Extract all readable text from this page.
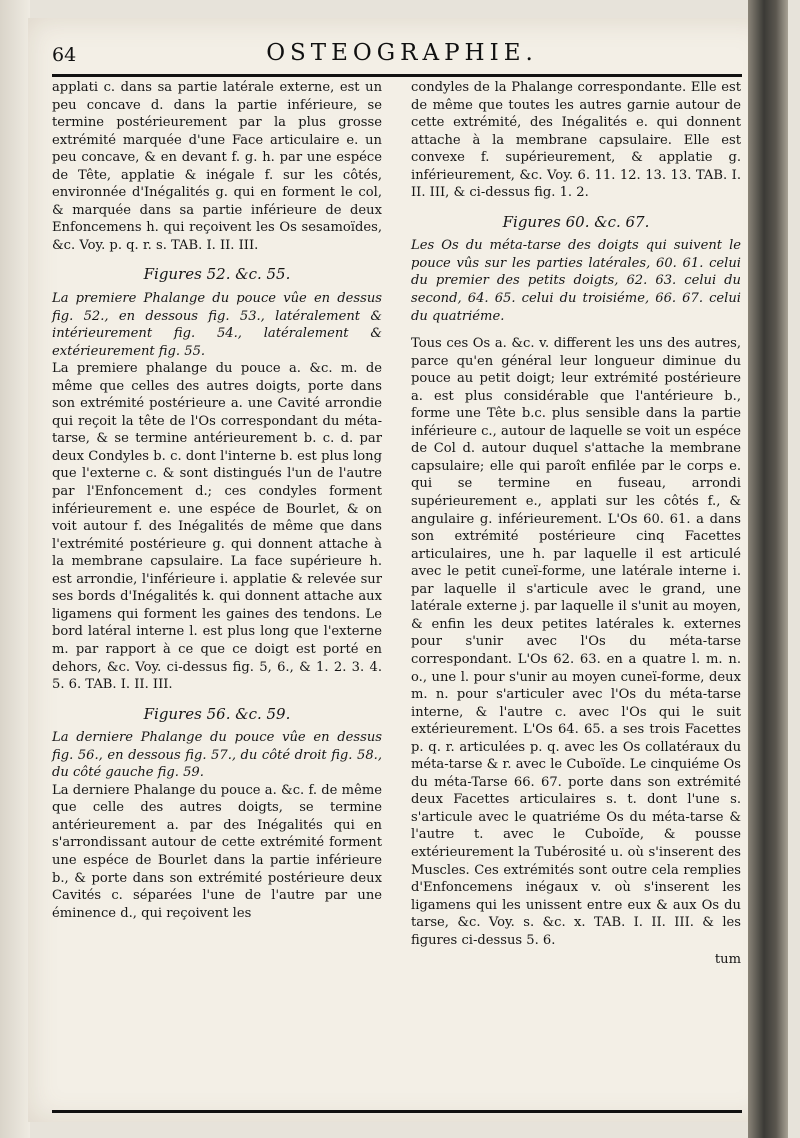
64	OSTEOGRAPHIE.

applati c. dans sa partie latérale externe, est un peu concave d. dans la partie inférieure, se termine postérieurement par la plus grosse extrémité marquée d'une Face articulaire e. un peu concave, & en devant f. g. h. par une espéce de Tête, applatie & inégale f. sur les côtés, environnée d'Inégalités g. qui en forment le col, & marquée dans sa partie inférieure de deux Enfoncemens h. qui reçoivent les Os sesamoïdes, &c. Voy. p. q. r. s. TAB. I. II. III.

Figures 52. &c. 55.

La premiere Phalange du pouce vûe en dessus fig. 52., en dessous fig. 53., latéralement & intérieurement fig. 54., latéralement & extérieurement fig. 55.

La premiere phalange du pouce a. &c. m. de même que celles des autres doigts, porte dans son extrémité postérieure a. une Cavité arrondie qui reçoit la tête de l'Os correspondant du méta-tarse, & se termine antérieurement b. c. d. par deux Condyles b. c. dont l'interne b. est plus long que l'externe c. & sont distingués l'un de l'autre par l'Enfoncement d.; ces condyles forment inférieurement e. une espéce de Bourlet, & on voit autour f. des Inégalités de même que dans l'extrémité postérieure g. qui donnent attache à la membrane capsulaire. La face supérieure h. est arrondie, l'inférieure i. applatie & relevée sur ses bords d'Inégalités k. qui donnent attache aux ligamens qui forment les gaines des tendons. Le bord latéral interne l. est plus long que l'externe m. par rapport à ce que ce doigt est porté en dehors, &c. Voy. ci-dessus fig. 5, 6., & 1. 2. 3. 4. 5. 6. TAB. I. II. III.

Figures 56. &c. 59.

La derniere Phalange du pouce vûe en dessus fig. 56., en dessous fig. 57., du côté droit fig. 58., du côté gauche fig. 59.

La derniere Phalange du pouce a. &c. f. de même que celle des autres doigts, se termine antérieurement a. par des Inégalités qui en s'arrondissant autour de cette extrémité forment une espéce de Bourlet dans la partie inférieure b., & porte dans son extrémité postérieure deux Cavités c. séparées l'une de l'autre par une éminence d., qui reçoivent les

condyles de la Phalange correspondante. Elle est de même que toutes les autres garnie autour de cette extrémité, des Inégalités e. qui donnent attache à la membrane capsulaire. Elle est convexe f. supérieurement, & applatie g. inférieurement, &c. Voy. 6. 11. 12. 13. 13. TAB. I. II. III, & ci-dessus fig. 1. 2.

Figures 60. &c. 67.

Les Os du méta-tarse des doigts qui suivent le pouce vûs sur les parties latérales, 60. 61. celui du premier des petits doigts, 62. 63. celui du second, 64. 65. celui du troisiéme, 66. 67. celui du quatriéme.

Tous ces Os a. &c. v. different les uns des autres, parce qu'en général leur longueur diminue du pouce au petit doigt; leur extrémité postérieure a. est plus considérable que l'antérieure b., forme une Tête b.c. plus sensible dans la partie inférieure c., autour de laquelle se voit un espéce de Col d. autour duquel s'attache la membrane capsulaire; elle qui paroît enfilée par le corps e. qui se termine en fuseau, arrondi supérieurement e., applati sur les côtés f., & angulaire g. inférieurement. L'Os 60. 61. a dans son extrémité postérieure cinq Facettes articulaires, une h. par laquelle il est articulé avec le petit cuneï-forme, une latérale interne i. par laquelle il s'articule avec le grand, une latérale externe j. par laquelle il s'unit au moyen, & enfin les deux petites latérales k. externes pour s'unir avec l'Os du méta-tarse correspondant. L'Os 62. 63. en a quatre l. m. n. o., une l. pour s'unir au moyen cuneï-forme, deux m. n. pour s'articuler avec l'Os du méta-tarse interne, & l'autre c. avec l'Os qui le suit extérieurement. L'Os 64. 65. a ses trois Facettes p. q. r. articulées p. q. avec les Os collatéraux du méta-tarse & r. avec le Cuboïde. Le cinquiéme Os du méta-Tarse 66. 67. porte dans son extrémité deux Facettes articulaires s. t. dont l'une s. s'articule avec le quatriéme Os du méta-tarse & l'autre t. avec le Cuboïde, & pousse extérieurement la Tubérosité u. où s'inserent des Muscles. Ces extrémités sont outre cela remplies d'Enfoncemens inégaux v. où s'inserent les ligamens qui les unissent entre eux & aux Os du tarse, &c. Voy. s. &c. x. TAB. I. II. III. & les figures ci-dessus 5. 6.

tum
